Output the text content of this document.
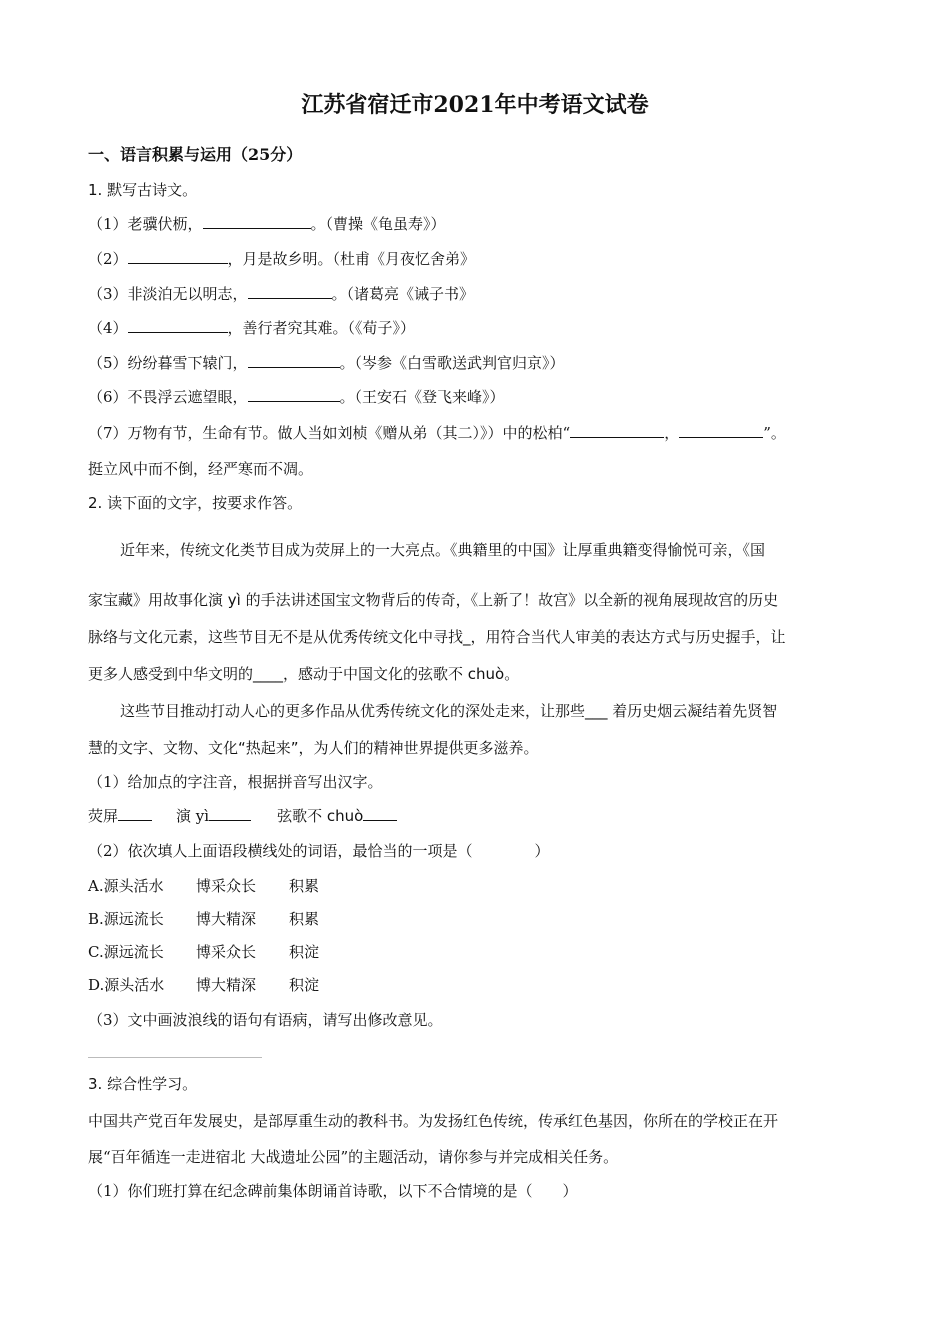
江苏省宿迁市2021年中考语文试卷
一、语言积累与运用（25分）
1. 默写古诗文。
（1）老骥伏枥，	。（曹操《龟虽寿》）
（2）	，月是故乡明。（杜甫《月夜忆舍弟》
（3）非淡泊无以明志，	。（诸葛亮《诫子书》
（4）	，善行者究其难。（《荀子》）
（5）纷纷暮雪下辕门，	。（岑参《白雪歌送武判官归京》）
（6）不畏浮云遮望眼，	。（王安石《登飞来峰》）
（7）万物有节，生命有节。做人当如刘桢《赠从弟（其二）》）中的松柏“	，	”。
挺立风中而不倒，经严寒而不凋。
2. 读下面的文字，按要求作答。
近年来，传统文化类节目成为荧屏上的一大亮点。《典籍里的中国》让厚重典籍变得愉悦可亲，《国
家宝藏》用故事化演 yì 的手法讲述国宝文物背后的传奇，《上新了！故宫》以全新的视角展现故宫的历史
脉络与文化元素，这些节目无不是从优秀传统文化中寻找_，用符合当代人审美的表达方式与历史握手，让
更多人感受到中华文明的____，感动于中国文化的弦歌不 chuò。
这些节目推动打动人心的更多作品从优秀传统文化的深处走来，让那些___ 着历史烟云凝结着先贤智
慧的文字、文物、文化“热起来”，为人们的精神世界提供更多滋养。
（1）给加点的字注音，根据拼音写出汉字。
荧屏	演 yì	弦歌不 chuò
（2）依次填人上面语段横线处的词语，最恰当的一项是（	）
A.源头活水 博采众长 积累
B.源远流长 博大精深 积累
C.源远流长 博采众长 积淀
D.源头活水 博大精深 积淀
（3）文中画波浪线的语句有语病，请写出修改意见。
3. 综合性学习。
中国共产党百年发展史，是部厚重生动的教科书。为发扬红色传统，传承红色基因，你所在的学校正在开
展“百年循连一走进宿北 大战遗址公园”的主题活动，请你参与并完成相关任务。
（1）你们班打算在纪念碑前集体朗诵首诗歌，以下不合情境的是（ ）
